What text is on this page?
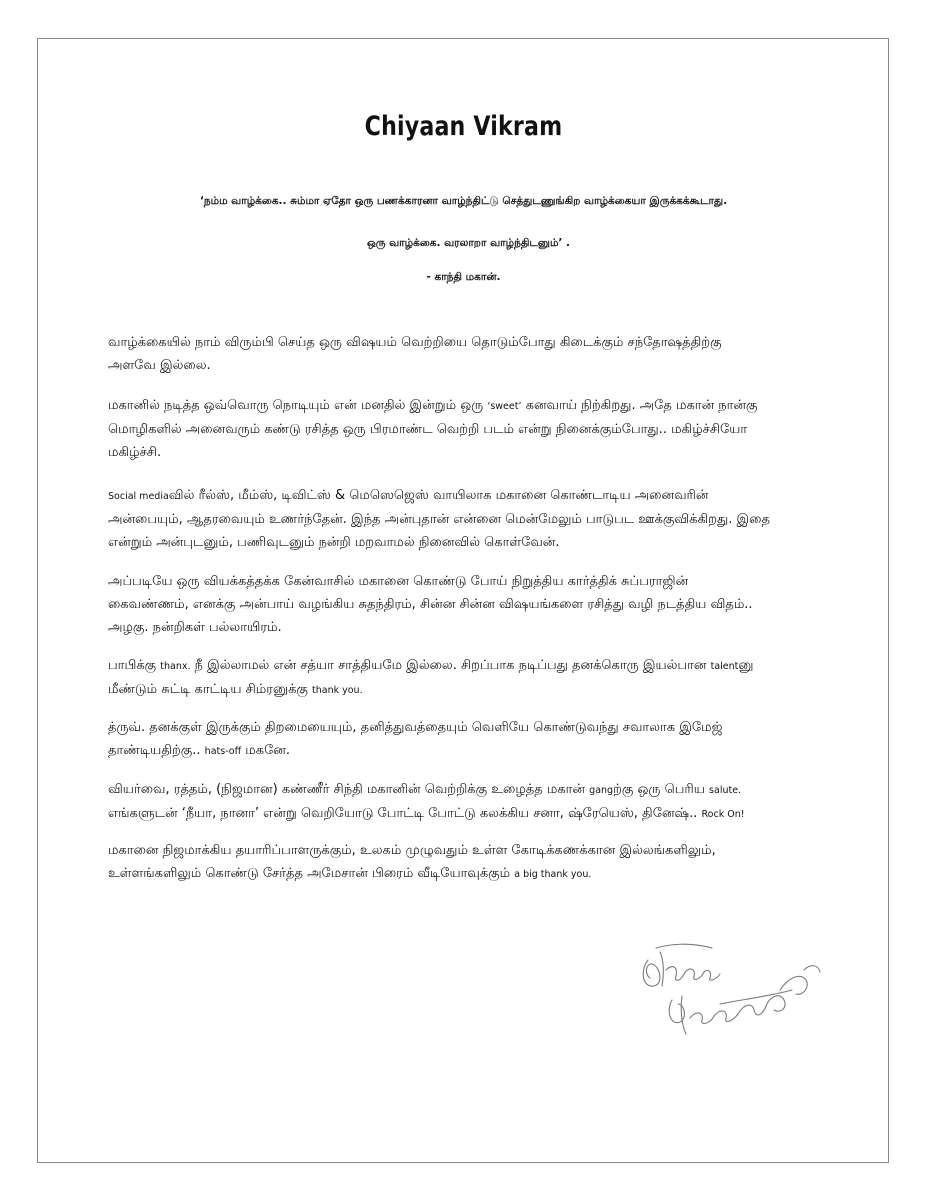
Chiyaan Vikram
‘நம்ம வாழ்க்கை.. சும்மா ஏதோ ஒரு பணக்காரனா வாழ்ந்திட்டு செத்துடணுங்கிற வாழ்க்கையா இருக்கக்கூடாது.
ஒரு வாழ்க்கை. வரலாறா வாழ்ந்திடனும்’ .
- காந்தி மகான்.
வாழ்க்கையில் நாம் விரும்பி செய்த ஒரு விஷயம் வெற்றியை தொடும்போது கிடைக்கும் சந்தோஷத்திற்கு
அளவே இல்லை.
மகானில் நடித்த ஒவ்வொரு நொடியும் என் மனதில் இன்றும் ஒரு ‘sweet’ கனவாய் நிற்கிறது. அதே மகான் நான்கு
மொழிகளில் அனைவரும் கண்டு ரசித்த ஒரு பிரமாண்ட வெற்றி படம் என்று நினைக்கும்போது.. மகிழ்ச்சியோ
மகிழ்ச்சி.
Social mediaவில் ரீல்ஸ், மீம்ஸ், டிவிட்ஸ் & மெஸெஜெஸ் வாயிலாக மகானை கொண்டாடிய அனைவரின்
அன்பையும், ஆதரவையும் உணர்ந்தேன். இந்த அன்புதான் என்னை மென்மேலும் பாடுபட ஊக்குவிக்கிறது. இதை
என்றும் அன்புடனும், பணிவுடனும் நன்றி மறவாமல் நினைவில் கொள்வேன்.
அப்படியே ஒரு வியக்கத்தக்க கேன்வாசில் மகானை கொண்டு போய் நிறுத்திய கார்த்திக் சுப்பராஜின்
கைவண்ணம், எனக்கு அன்பாய் வழங்கிய சுதந்திரம், சின்ன சின்ன விஷயங்களை ரசித்து வழி நடத்திய விதம்..
அழகு. நன்றிகள் பல்லாயிரம்.
பாபிக்கு thanx. நீ இல்லாமல் என் சத்யா சாத்தியமே இல்லை. சிறப்பாக நடிப்பது தனக்கொரு இயல்பான talentனு
மீண்டும் சுட்டி காட்டிய சிம்ரனுக்கு thank you.
த்ருவ். தனக்குள் இருக்கும் திறமையையும், தனித்துவத்தையும் வெளியே கொண்டுவந்து சவாலாக இமேஜ்
தாண்டியதிற்கு.. hats-off மகனே.
வியர்வை, ரத்தம், (நிஜமான) கண்ணீர் சிந்தி மகானின் வெற்றிக்கு உழைத்த மகான் gangற்கு ஒரு பெரிய salute.
எங்களுடன் ‘நீயா, நானா’ என்று வெறியோடு போட்டி போட்டு கலக்கிய சனா, ஷ்ரேயெஸ், தினேஷ்.. Rock On!
மகானை நிஜமாக்கிய தயாரிப்பாளருக்கும், உலகம் முழுவதும் உள்ள கோடிக்கணக்கான இல்லங்களிலும்,
உள்ளங்களிலும் கொண்டு சேர்த்த அமேசான் பிரைம் வீடியோவுக்கும் a big thank you.
அன்புடன் சீயான் விக்ரம்
